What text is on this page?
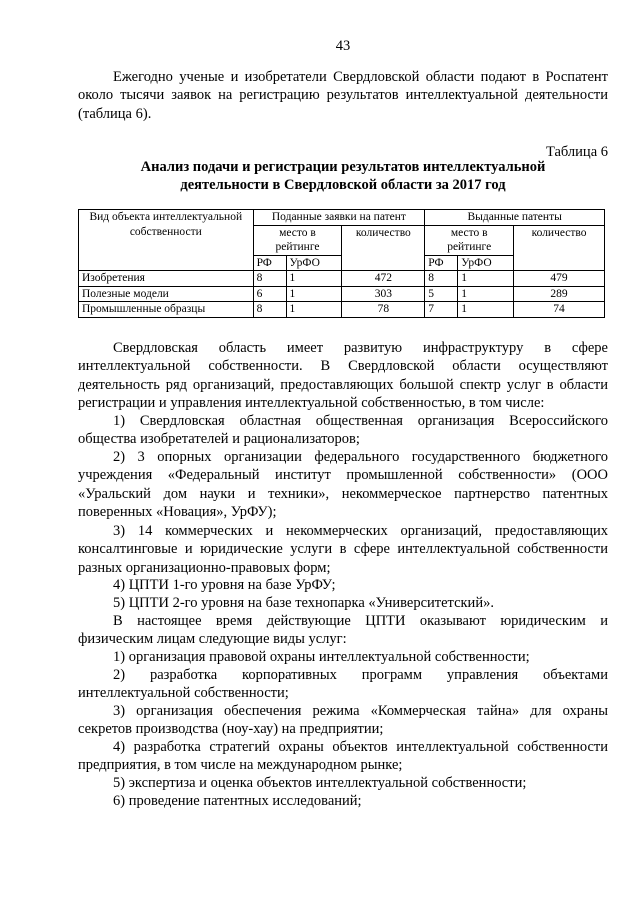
43
Ежегодно ученые и изобретатели Свердловской области подают в Роспатент около тысячи заявок на регистрацию результатов интеллектуальной деятельности (таблица 6).
Таблица 6
Анализ подачи и регистрации результатов интеллектуальной
деятельности в Свердловской области за 2017 год
Вид объекта интеллектуальной собственности	Поданные заявки на патент			Выданные патенты		
	место в рейтинге		количество	место в рейтинге		количество
	РФ	УрФО		РФ	УрФО	
Изобретения	8	1	472	8	1	479
Полезные модели	6	1	303	5	1	289
Промышленные образцы	8	1	78	7	1	74
Свердловская область имеет развитую инфраструктуру в сфере интеллектуальной собственности. В Свердловской области осуществляют деятельность ряд организаций, предоставляющих большой спектр услуг в области регистрации и управления интеллектуальной собственностью, в том числе:
1) Свердловская областная общественная организация Всероссийского общества изобретателей и рационализаторов;
2) 3 опорных организации федерального государственного бюджетного учреждения «Федеральный институт промышленной собственности» (ООО «Уральский дом науки и техники», некоммерческое партнерство патентных поверенных «Новация», УрФУ);
3) 14 коммерческих и некоммерческих организаций, предоставляющих консалтинговые и юридические услуги в сфере интеллектуальной собственности разных организационно-правовых форм;
4) ЦПТИ 1-го уровня на базе УрФУ;
5) ЦПТИ 2-го уровня на базе технопарка «Университетский».
В настоящее время действующие ЦПТИ оказывают юридическим и физическим лицам следующие виды услуг:
1) организация правовой охраны интеллектуальной собственности;
2) разработка корпоративных программ управления объектами интеллектуальной собственности;
3) организация обеспечения режима «Коммерческая тайна» для охраны секретов производства (ноу-хау) на предприятии;
4) разработка стратегий охраны объектов интеллектуальной собственности предприятия, в том числе на международном рынке;
5) экспертиза и оценка объектов интеллектуальной собственности;
6) проведение патентных исследований;
